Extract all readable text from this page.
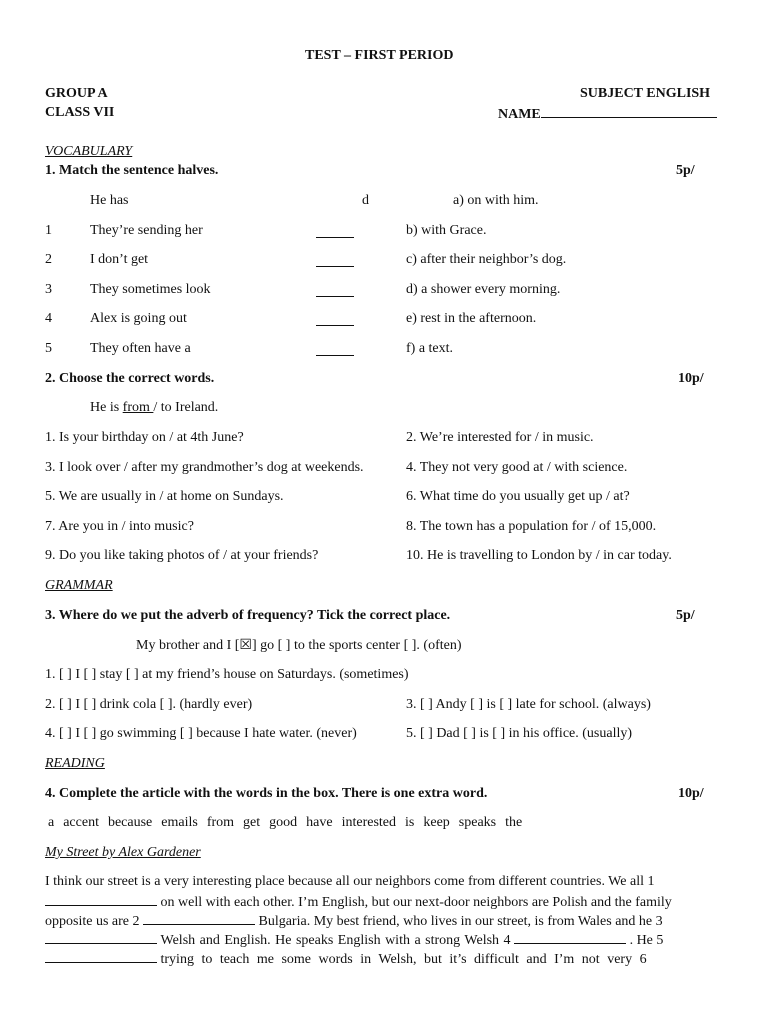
TEST – FIRST PERIOD
GROUP A
CLASS VII
SUBJECT ENGLISH
NAME
VOCABULARY
1. Match the sentence halves.	5p/
He has	d	a) on with him.
1	They’re sending her	b) with Grace.
2	I don’t get	c) after their neighbor’s dog.
3	They sometimes look	d) a shower every morning.
4	Alex is going out	e) rest in the afternoon.
5	They often have a	f) a text.
2. Choose the correct words.	10p/
He is from / to Ireland.
1. Is your birthday on / at 4th June?	2. We’re interested for / in music.
3. I look over / after my grandmother’s dog at weekends.	4. They not very good at / with science.
5. We are usually in / at home on Sundays.	6. What time do you usually get up / at?
7. Are you in / into music?	8. The town has a population for / of 15,000.
9. Do you like taking photos of / at your friends?	10. He is travelling to London by / in car today.
GRAMMAR
3. Where do we put the adverb of frequency? Tick the correct place.	5p/
My brother and I [☒] go [ ] to the sports center [ ]. (often)
1. [ ] I [ ] stay [ ] at my friend’s house on Saturdays. (sometimes)
2. [ ] I [ ] drink cola [ ]. (hardly ever)	3. [ ] Andy [ ] is [ ] late for school. (always)
4. [ ] I [ ] go swimming [ ] because I hate water. (never)	5. [ ] Dad [ ] is [ ] in his office. (usually)
READING
4. Complete the article with the words in the box. There is one extra word.	10p/
a accent because emails from get good have interested is keep speaks the
My Street by Alex Gardener
I think our street is a very interesting place because all our neighbors come from different countries. We all 1
on well with each other. I’m English, but our next-door neighbors are Polish and the family
opposite us are 2	Bulgaria. My best friend, who lives in our street, is from Wales and he 3
Welsh and English. He speaks English with a strong Welsh 4	. He 5
trying to teach me some words in Welsh, but it’s difficult and I’m not very 6
